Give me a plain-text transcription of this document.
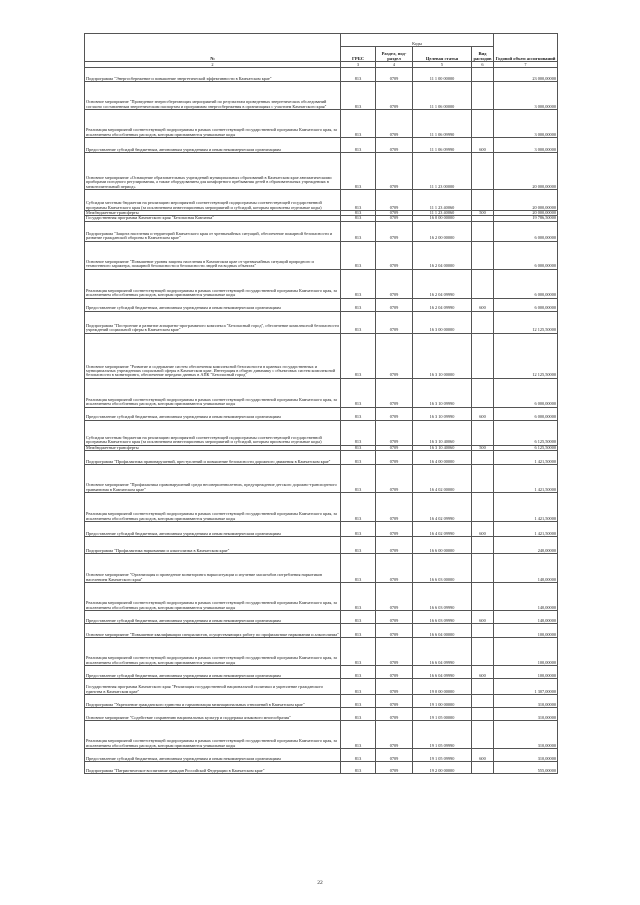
№	Коды				Годовой объем ассигнований
	ГРБС	Раздел, под-раздел	Целевая статья	Вид расходов	
2	3	4	5	6	7
Подпрограмма "Энергосбережение и повышение энергетической эффективности в Камчатском крае"	813	0709	11 1 00 00000		23 000,00000
Основное мероприятие "Проведение энергосберегающих мероприятий по результатам проведенных энергетических обследований согласно составленным энергетическим паспортам и программам энергосбережения в организациях с участием Камчатского края"	813	0709	11 1 06 00000		3 000,00000
Реализация мероприятий соответствующей подпрограммы в рамках соответствующей государственной программы Камчатского края, за исключением обособленных расходов, которым присваиваются уникальные коды	813	0709	11 1 06 09990		3 000,00000
Предоставление субсидий бюджетным, автономным учреждениям и иным некоммерческим организациям	813	0709	11 1 06 09990	600	3 000,00000
Основное мероприятие «Оснащение образовательных учреждений муниципальных образований в Камчатском крае автоматическими приборами погодного регулирования, а также оборудованием для комфортного пребывания детей в образовательных учреждениях в межотопительный период»	813	0709	11 1 23 00000		20 000,00000
Субсидии местным бюджетам на реализацию мероприятий соответствующей подпрограммы соответствующей государственной программы Камчатского края (за исключением инвестиционных мероприятий и субсидий, которым присвоены отдельные коды)	813	0709	11 1 23 40060		20 000,00000
Межбюджетные трансферты	813	0709	11 1 23 40060	500	20 000,00000
Государственная программа Камчатского края "Безопасная Камчатка"	813	0709	16 0 00 00000		19 786,50000
Подпрограмма "Защита населения и территорий Камчатского края от чрезвычайных ситуаций, обеспечение пожарной безопасности и развитие гражданской обороны в Камчатском крае"	813	0709	16 2 00 00000		6 000,00000
Основное мероприятие "Повышение уровня защиты населения в Камчатском крае от чрезвычайных ситуаций природного и техногенного характера, пожарной безопасности и безопасности людей на водных объектах"	813	0709	16 2 04 00000		6 000,00000
Реализация мероприятий соответствующей подпрограммы в рамках соответствующей государственной программы Камчатского края, за исключением обособленных расходов, которым присваиваются уникальные коды	813	0709	16 2 04 09990		6 000,00000
Предоставление субсидий бюджетным, автономным учреждениям и иным некоммерческим организациям	813	0709	16 2 04 09990	600	6 000,00000
Подпрограмма "Построение и развитие аппаратно-программного комплекса "Безопасный город", обеспечение комплексной безопасности учреждений социальной сферы в Камчатском крае"	813	0709	16 3 00 00000		12 125,50000
Основное мероприятие "Развитие и содержание систем обеспечения комплексной безопасности в краевых государственных и муниципальных учреждениях социальной сферы в Камчатском крае. Интеграция в общую динамику с объектовых систем комплексной безопасности в мониторинга, обеспечение передачи данных в АПК "Безопасный город"	813	0709	16 3 10 00000		12 125,50000
Реализация мероприятий соответствующей подпрограммы в рамках соответствующей государственной программы Камчатского края, за исключением обособленных расходов, которым присваиваются уникальные коды	813	0709	16 3 10 09990		6 000,00000
Предоставление субсидий бюджетным, автономным учреждениям и иным некоммерческим организациям	813	0709	16 3 10 09990	600	6 000,00000
Субсидии местным бюджетам на реализацию мероприятий соответствующей подпрограммы соответствующей государственной программы Камчатского края (за исключением инвестиционных мероприятий и субсидий, которым присвоены отдельные коды)	813	0709	16 3 10 40060		6 125,50000
Межбюджетные трансферты	813	0709	16 3 10 40060	500	6 125,50000
Подпрограмма "Профилактика правонарушений, преступлений и повышение безопасности дорожного движения в Камчатском крае"	813	0709	16 4 00 00000		1 421,50000
Основное мероприятие "Профилактика правонарушений среди несовершеннолетних, предупреждение детского дорожно-транспортного травматизма в Камчатском крае"	813	0709	16 4 02 00000		1 421,50000
Реализация мероприятий соответствующей подпрограммы в рамках соответствующей государственной программы Камчатского края, за исключением обособленных расходов, которым присваиваются уникальные коды	813	0709	16 4 02 09990		1 421,50000
Предоставление субсидий бюджетным, автономным учреждениям и иным некоммерческим организациям	813	0709	16 4 02 09990	600	1 421,50000
Подпрограмма "Профилактика наркомании и алкоголизма в Камчатском крае"	813	0709	16 6 00 00000		240,00000
Основное мероприятие "Организация и проведение мониторинга наркоситуации и изучение масштабов потребления наркотиков населением Камчатского края"	813	0709	16 6 03 00000		140,00000
Реализация мероприятий соответствующей подпрограммы в рамках соответствующей государственной программы Камчатского края, за исключением обособленных расходов, которым присваиваются уникальные коды	813	0709	16 6 03 09990		140,00000
Предоставление субсидий бюджетным, автономным учреждениям и иным некоммерческим организациям	813	0709	16 6 03 09990	600	140,00000
Основное мероприятие "Повышение квалификации специалистов, осуществляющих работу по профилактике наркомании и алкоголизма"	813	0709	16 6 04 00000		100,00000
Реализация мероприятий соответствующей подпрограммы в рамках соответствующей государственной программы Камчатского края, за исключением обособленных расходов, которым присваиваются уникальные коды	813	0709	16 6 04 09990		100,00000
Предоставление субсидий бюджетным, автономным учреждениям и иным некоммерческим организациям	813	0709	16 6 04 09990	600	100,00000
Государственная программа Камчатского края "Реализация государственной национальной политики и укрепление гражданского единства в Камчатском крае"	813	0709	19 0 00 00000		1 307,00000
Подпрограмма "Укрепление гражданского единства и гармонизация межнациональных отношений в Камчатском крае"	813	0709	19 1 00 00000		310,00000
Основное мероприятие "Содействие сохранению национальных культур и поддержка языкового многообразия"	813	0709	19 1 05 00000		310,00000
Реализация мероприятий соответствующей подпрограммы в рамках соответствующей государственной программы Камчатского края, за исключением обособленных расходов, которым присваиваются уникальные коды	813	0709	19 1 05 09990		310,00000
Предоставление субсидий бюджетным, автономным учреждениям и иным некоммерческим организациям	813	0709	19 1 05 09990	600	310,00000
Подпрограмма "Патриотическое воспитание граждан Российской Федерации в Камчатском крае"	813	0709	19 2 00 00000		555,00000
22
